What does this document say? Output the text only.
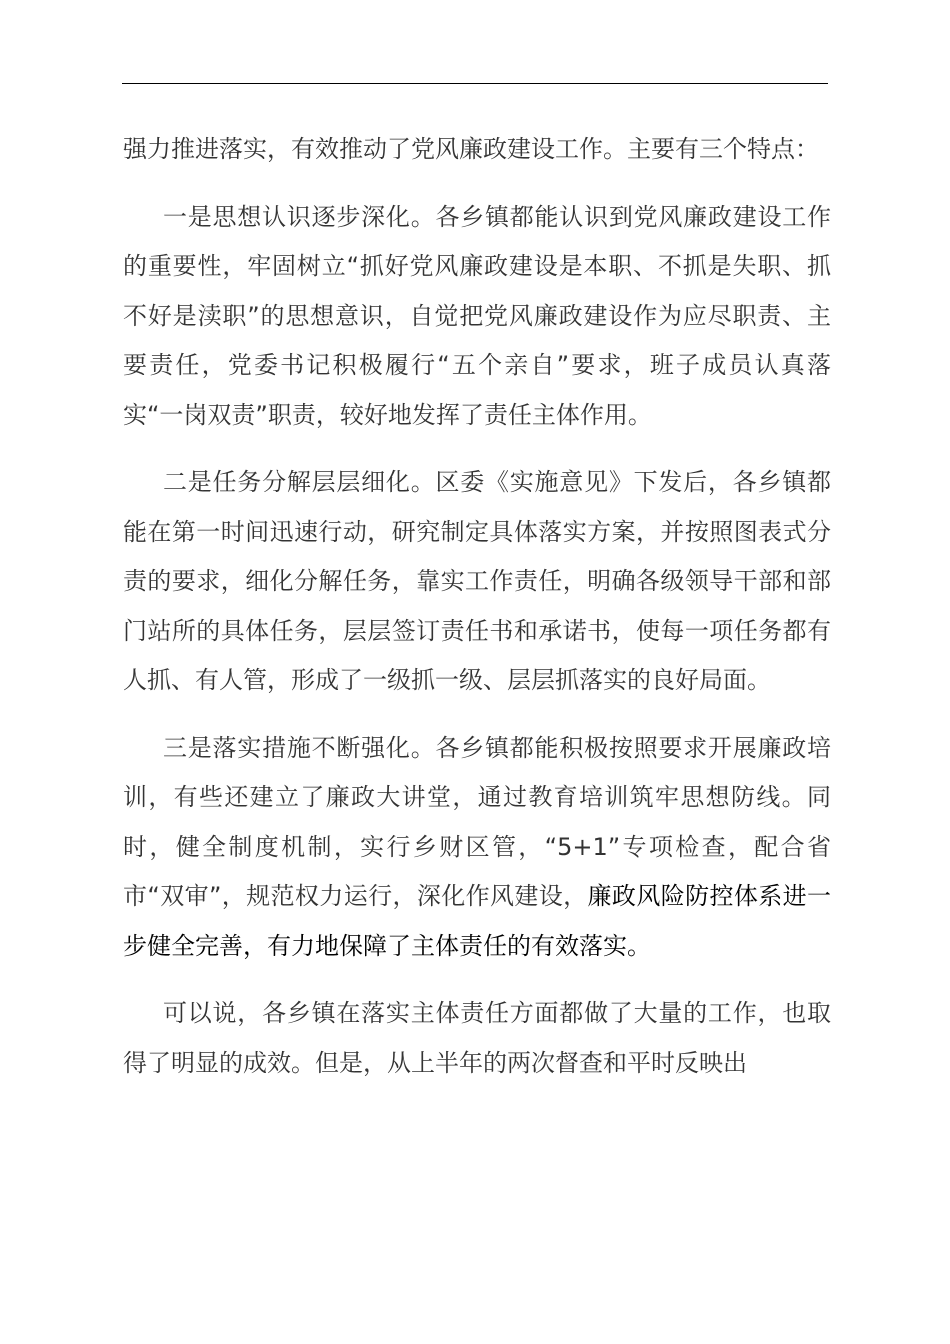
强力推进落实，有效推动了党风廉政建设工作。主要有三个特点：

一是思想认识逐步深化。各乡镇都能认识到党风廉政建设工作的重要性，牢固树立“抓好党风廉政建设是本职、不抓是失职、抓不好是渎职”的思想意识，自觉把党风廉政建设作为应尽职责、主要责任，党委书记积极履行“五个亲自”要求，班子成员认真落实“一岗双责”职责，较好地发挥了责任主体作用。

二是任务分解层层细化。区委《实施意见》下发后，各乡镇都能在第一时间迅速行动，研究制定具体落实方案，并按照图表式分责的要求，细化分解任务，靠实工作责任，明确各级领导干部和部门站所的具体任务，层层签订责任书和承诺书，使每一项任务都有人抓、有人管，形成了一级抓一级、层层抓落实的良好局面。

三是落实措施不断强化。各乡镇都能积极按照要求开展廉政培训，有些还建立了廉政大讲堂，通过教育培训筑牢思想防线。同时，健全制度机制，实行乡财区管，“5+1”专项检查，配合省市“双审”，规范权力运行，深化作风建设，廉政风险防控体系进一步健全完善，有力地保障了主体责任的有效落实。

可以说，各乡镇在落实主体责任方面都做了大量的工作，也取得了明显的成效。但是，从上半年的两次督查和平时反映出
